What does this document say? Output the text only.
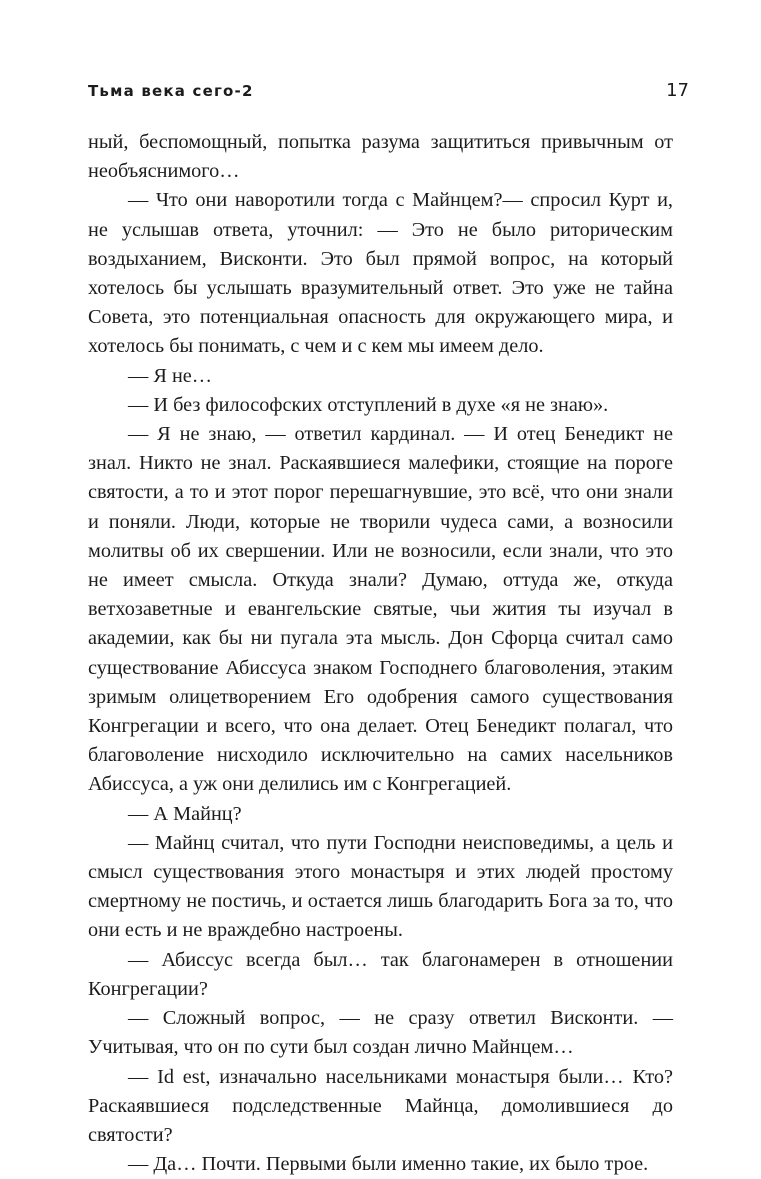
Тьма века сего-2	17

ный, беспомощный, попытка разума защититься привычным от необъяснимого…

— Что они наворотили тогда с Майнцем?— спросил Курт и, не услышав ответа, уточнил: — Это не было риторическим воздыханием, Висконти. Это был прямой вопрос, на который хотелось бы услышать вразумительный ответ. Это уже не тайна Совета, это потенциальная опасность для окружающего мира, и хотелось бы понимать, с чем и с кем мы имеем дело.

— Я не…

— И без философских отступлений в духе «я не знаю».

— Я не знаю, — ответил кардинал. — И отец Бенедикт не знал. Никто не знал. Раскаявшиеся малефики, стоящие на пороге святости, а то и этот порог перешагнувшие, это всё, что они знали и поняли. Люди, которые не творили чудеса сами, а возносили молитвы об их свершении. Или не возносили, если знали, что это не имеет смысла. Откуда знали? Думаю, оттуда же, откуда ветхозаветные и евангельские святые, чьи жития ты изучал в академии, как бы ни пугала эта мысль. Дон Сфорца считал само существование Абиссуса знаком Господнего благоволения, этаким зримым олицетворением Его одобрения самого существования Конгрегации и всего, что она делает. Отец Бенедикт полагал, что благоволение нисходило исключительно на самих насельников Абиссуса, а уж они делились им с Конгрегацией.

— А Майнц?

— Майнц считал, что пути Господни неисповедимы, а цель и смысл существования этого монастыря и этих людей простому смертному не постичь, и остается лишь благодарить Бога за то, что они есть и не враждебно настроены.

— Абиссус всегда был… так благонамерен в отношении Конгрегации?

— Сложный вопрос, — не сразу ответил Висконти. — Учитывая, что он по сути был создан лично Майнцем…

— Id est, изначально насельниками монастыря были… Кто? Раскаявшиеся подследственные Майнца, домолившиеся до святости?

— Да… Почти. Первыми были именно такие, их было трое.
